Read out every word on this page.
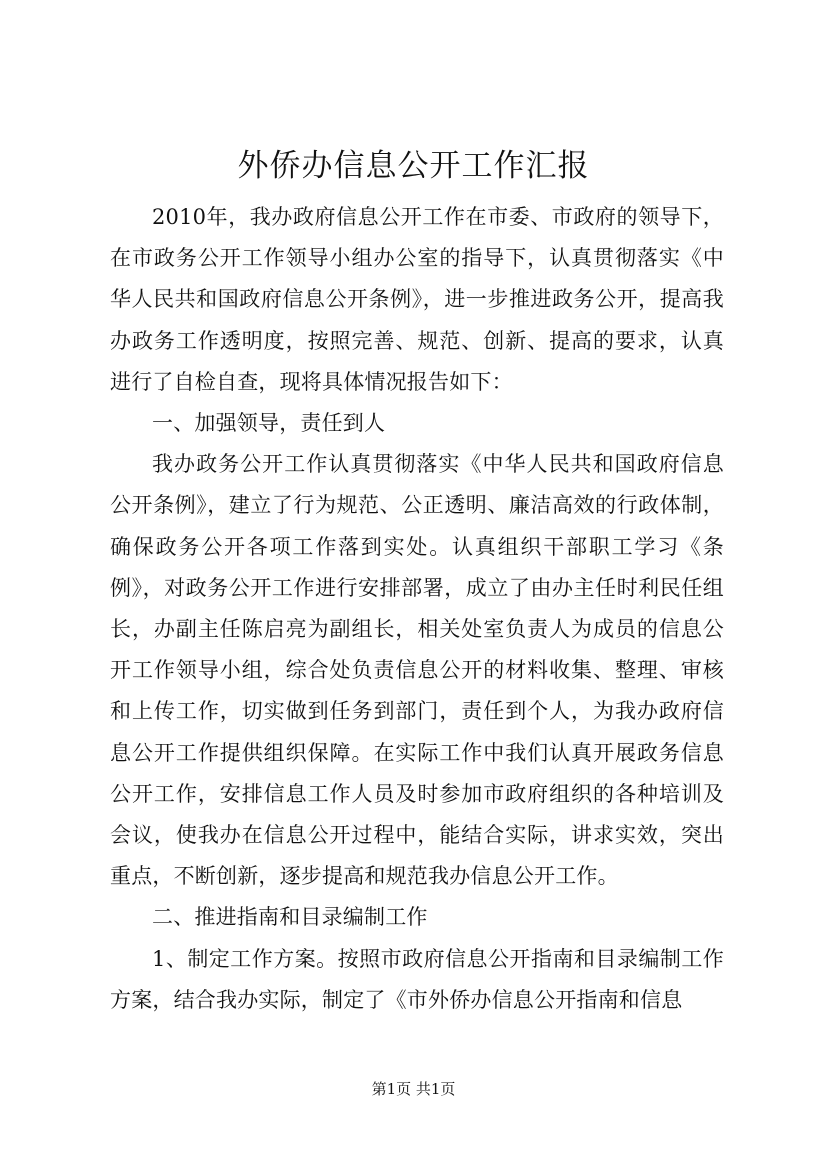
外侨办信息公开工作汇报

2010年，我办政府信息公开工作在市委、市政府的领导下，在市政务公开工作领导小组办公室的指导下，认真贯彻落实《中华人民共和国政府信息公开条例》，进一步推进政务公开，提高我办政务工作透明度，按照完善、规范、创新、提高的要求，认真进行了自检自查，现将具体情况报告如下：

一、加强领导，责任到人

我办政务公开工作认真贯彻落实《中华人民共和国政府信息公开条例》，建立了行为规范、公正透明、廉洁高效的行政体制，确保政务公开各项工作落到实处。认真组织干部职工学习《条例》，对政务公开工作进行安排部署，成立了由办主任时利民任组长，办副主任陈启亮为副组长，相关处室负责人为成员的信息公开工作领导小组，综合处负责信息公开的材料收集、整理、审核和上传工作，切实做到任务到部门，责任到个人，为我办政府信息公开工作提供组织保障。在实际工作中我们认真开展政务信息公开工作，安排信息工作人员及时参加市政府组织的各种培训及会议，使我办在信息公开过程中，能结合实际，讲求实效，突出重点，不断创新，逐步提高和规范我办信息公开工作。

二、推进指南和目录编制工作

1、制定工作方案。按照市政府信息公开指南和目录编制工作方案，结合我办实际，制定了《市外侨办信息公开指南和信息

第1页 共1页
